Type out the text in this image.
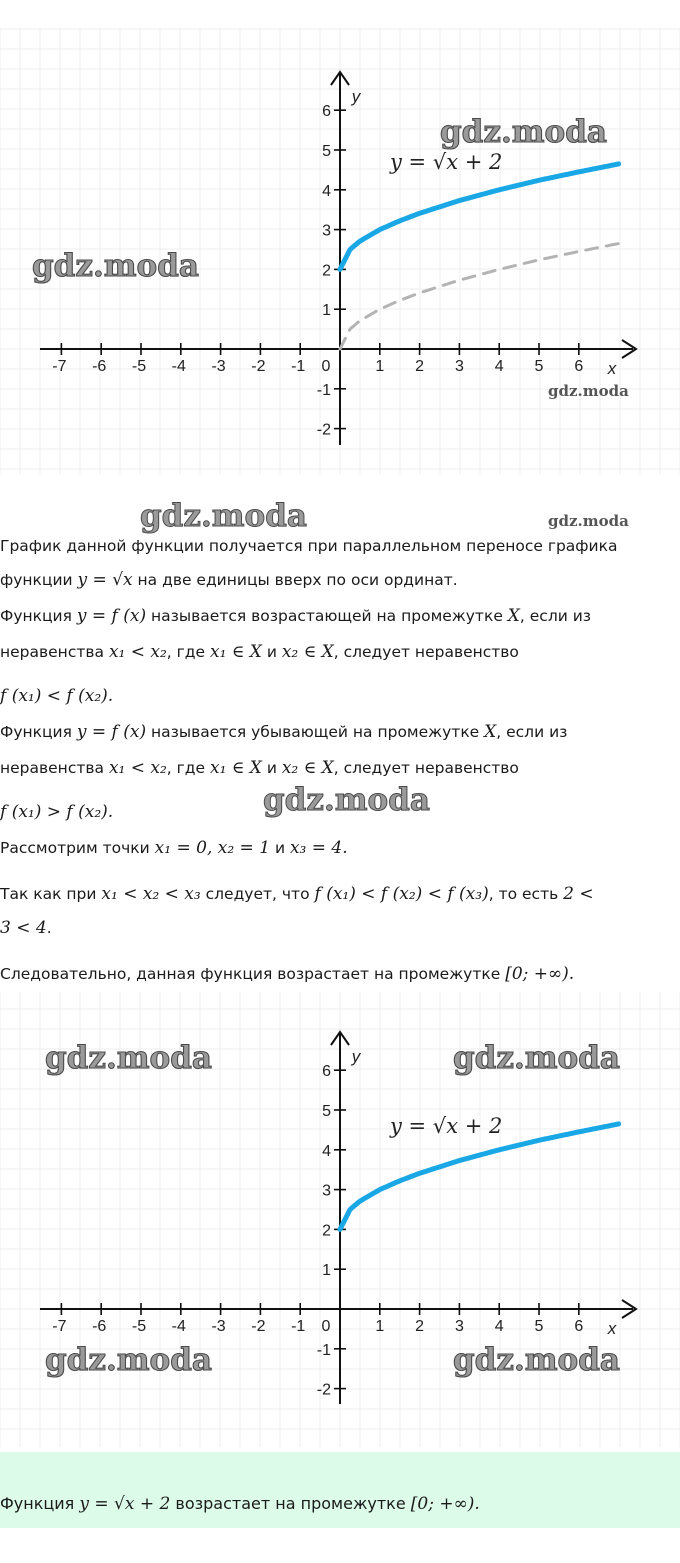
-7 -6 -5 -4 -3 -2 -1	1 2 3 4 5 6
6
5
4
3
2
1
-1
-2
0	x
y
y = √x + 2
gdz.moda
gdz.moda
gdz.moda
График данной функции получается при параллельном переносе графика
функции y = √x на две единицы вверх по оси ординат.
Функция y = f (x) называется возрастающей на промежутке X, если из
неравенства x₁ < x₂, где x₁ ∈ X и x₂ ∈ X, следует неравенство
f (x₁) < f (x₂).
Функция y = f (x) называется убывающей на промежутке X, если из
неравенства x₁ < x₂, где x₁ ∈ X и x₂ ∈ X, следует неравенство
f (x₁) > f (x₂).
Рассмотрим точки x₁ = 0, x₂ = 1 и x₃ = 4.
Так как при x₁ < x₂ < x₃ следует, что f (x₁) < f (x₂) < f (x₃), то есть 2 <
3 < 4.
Следовательно, данная функция возрастает на промежутке [0; +∞).
gdz.moda	gdz.moda
gdz.moda
-7 -6 -5 -4 -3 -2 -1	1 2 3 4 5 6
6
5
4
3
2
1
-1
-2
0	x
y
y = √x + 2
gdz.moda	gdz.moda
gdz.moda	gdz.moda
Функция y = √x + 2 возрастает на промежутке [0; +∞).
